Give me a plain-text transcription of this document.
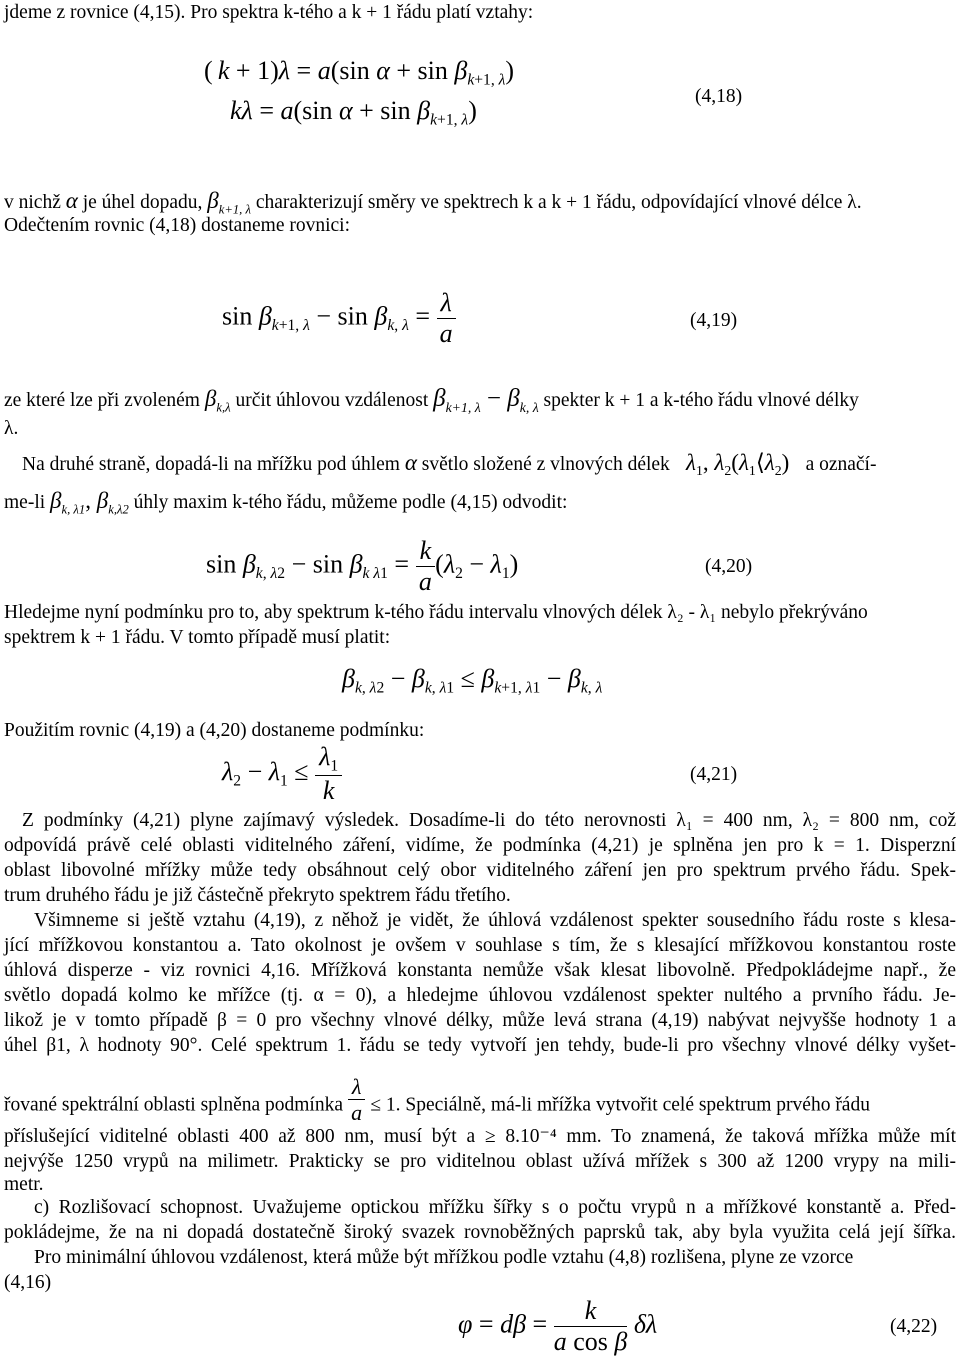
jdeme z rovnice (4,15). Pro spektra k-tého a k + 1 řádu platí vztahy:
( k + 1)λ = a(sin $\alpha + \sin \beta_{k+1, \lambda}$)
kλ = a(sin $\alpha + \sin \beta_{k+1, \lambda}$)	(4,18)
v nichž α je úhel dopadu, $\beta_{k+1, \lambda}$ charakterizují směry ve spektrech k a k + 1 řádu, odpovídající vlnové délce λ.
Odečtením rovnic (4,18) dostaneme rovnici:
$\sin \beta_{k+1, \lambda} - \sin \beta_{k, \lambda} = \frac{\lambda}{a}$	(4,19)
ze které lze při zvoleném $\beta_{k,\lambda}$ určit úhlovou vzdálenost $\beta_{k+1, \lambda} - \beta_{k, \lambda}$ spekter k + 1 a k-tého řádu vlnové délky
λ.
Na druhé straně, dopadá-li na mřížku pod úhlem α světlo složené z vlnových délek $\lambda_1$, $\lambda_2(\lambda_1⟨\lambda_2)$ a označí-
me-li $\beta_{k, \lambda 1}$, $\beta_{k,\lambda 2}$ úhly maxim k-tého řádu, můžeme podle (4,15) odvodit:
$\sin \beta_{k, \lambda 2} - \sin \beta_{k \lambda 1} = \frac{k}{a} (\lambda_2 - \lambda_1)$	(4,20)
Hledejme nyní podmínku pro to, aby spektrum k-tého řádu intervalu vlnových délek λ₂ - λ₁ nebylo překrýváno
spektrem k + 1 řádu. V tomto případě musí platit:
$\beta_{k, \lambda 2} - \beta_{k, \lambda 1} \le \beta_{k+1, \lambda 1} - \beta_{k, \lambda}$
Použitím rovnic (4,19) a (4,20) dostaneme podmínku:
$\lambda_2 - \lambda_1 \le \frac{\lambda_1}{k}$	(4,21)
Z podmínky (4,21) plyne zajímavý výsledek. Dosadíme-li do této nerovnosti λ₁ = 400 nm, λ₂ = 800 nm, což
odpovídá právě celé oblasti viditelného záření, vidíme, že podmínka (4,21) je splněna jen pro k = 1. Disperzní
oblast libovolné mřížky může tedy obsáhnout celý obor viditelného záření jen pro spektrum prvého řádu. Spek-
trum druhého řádu je již částečně překryto spektrem řádu třetího.
Všimneme si ještě vztahu (4,19), z něhož je vidět, že úhlová vzdálenost spekter sousedního řádu roste s klesa-
jící mřížkovou konstantou a. Tato okolnost je ovšem v souhlase s tím, že s klesající mřížkovou konstantou roste
úhlová disperze - viz rovnici 4,16. Mřížková konstanta nemůže však klesat libovolně. Předpokládejme např., že
světlo dopadá kolmo ke mřížce (tj. α = 0), a hledejme úhlovou vzdálenost spekter nultého a prvního řádu. Je-
likož je v tomto případě β = 0 pro všechny vlnové délky, může levá strana (4,19) nabývat nejvyšše hodnoty 1 a
úhel β1, λ hodnoty 90°. Celé spektrum 1. řádu se tedy vytvoří jen tehdy, bude-li pro všechny vlnové délky vyšet-
řované spektrální oblasti splněna podmínka $\frac{\lambda}{a} \le 1$. Speciálně, má-li mřížka vytvořit celé spektrum prvého řádu
příslušející viditelné oblasti 400 až 800 nm, musí být a ≥ 8.10⁻⁴ mm. To znamená, že taková mřížka může mít
nejvýše 1250 vrypů na milimetr. Prakticky se pro viditelnou oblast užívá mřížek s 300 až 1200 vrypy na mili-
metr.
c) Rozlišovací schopnost. Uvažujeme optickou mřížku šířky s o počtu vrypů n a mřížkové konstantě a. Před-
pokládejme, že na ni dopadá dostatečně široký svazek rovnoběžných paprsků tak, aby byla využita celá její šířka.
Pro minimální úhlovou vzdálenost, která může být mřížkou podle vztahu (4,8) rozlišena, plyne ze vzorce
(4,16)
$\varphi = d\beta = \frac{k}{\text{a cos β}}$ δλ	(4,22)
